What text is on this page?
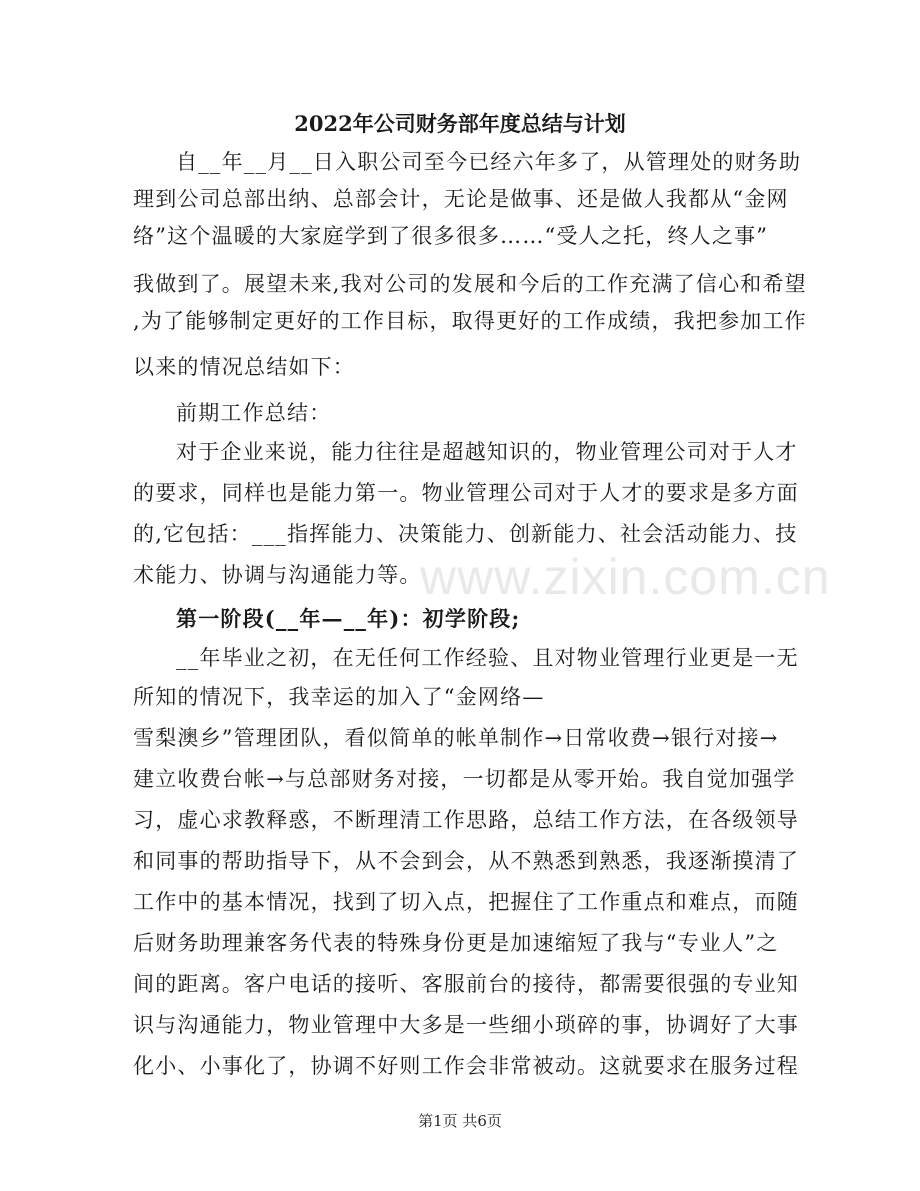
2022年公司财务部年度总结与计划
自__年__月__日入职公司至今已经六年多了，从管理处的财务助
理到公司总部出纳、总部会计，无论是做事、还是做人我都从“金网
络”这个温暖的大家庭学到了很多很多……“受人之托，终人之事”
我做到了。展望未来,我对公司的发展和今后的工作充满了信心和希望
,为了能够制定更好的工作目标，取得更好的工作成绩，我把参加工作
以来的情况总结如下：
前期工作总结：
对于企业来说，能力往往是超越知识的，物业管理公司对于人才
的要求，同样也是能力第一。物业管理公司对于人才的要求是多方面
的,它包括：___指挥能力、决策能力、创新能力、社会活动能力、技
术能力、协调与沟通能力等。
第一阶段(__年—__年)：初学阶段;
__年毕业之初，在无任何工作经验、且对物业管理行业更是一无
所知的情况下，我幸运的加入了“金网络—
雪梨澳乡”管理团队，看似简单的帐单制作→日常收费→银行对接→
建立收费台帐→与总部财务对接，一切都是从零开始。我自觉加强学
习，虚心求教释惑，不断理清工作思路，总结工作方法，在各级领导
和同事的帮助指导下，从不会到会，从不熟悉到熟悉，我逐渐摸清了
工作中的基本情况，找到了切入点，把握住了工作重点和难点，而随
后财务助理兼客务代表的特殊身份更是加速缩短了我与“专业人”之
间的距离。客户电话的接听、客服前台的接待，都需要很强的专业知
识与沟通能力，物业管理中大多是一些细小琐碎的事，协调好了大事
化小、小事化了，协调不好则工作会非常被动。这就要求在服务过程
www.zixin.com.cn
第1页 共6页
